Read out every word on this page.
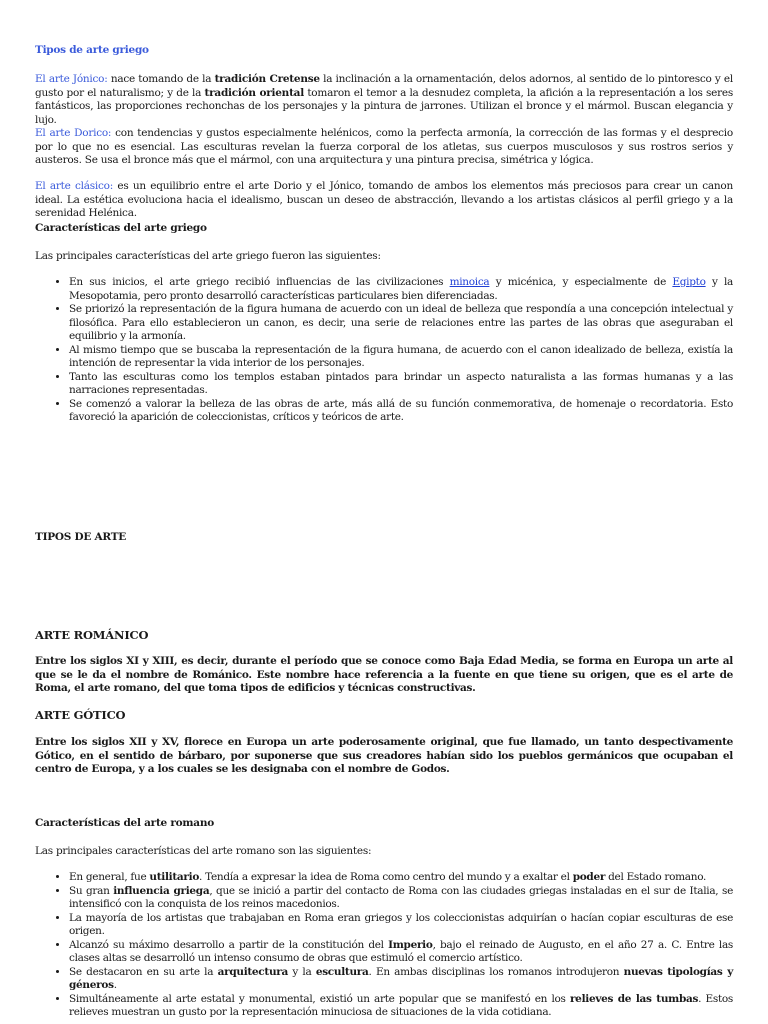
Tipos de arte griego

El arte Jónico: nace tomando de la tradición Cretense la inclinación a la ornamentación, delos adornos, al sentido de lo pintoresco y el gusto por el naturalismo; y de la tradición oriental tomaron el temor a la desnudez completa, la afición a la representación a los seres fantásticos, las proporciones rechonchas de los personajes y la pintura de jarrones. Utilizan el bronce y el mármol. Buscan elegancia y lujo.

El arte Dorico: con tendencias y gustos especialmente helénicos, como la perfecta armonía, la corrección de las formas y el desprecio por lo que no es esencial. Las esculturas revelan la fuerza corporal de los atletas, sus cuerpos musculosos y sus rostros serios y austeros. Se usa el bronce más que el mármol, con una arquitectura y una pintura precisa, simétrica y lógica.

El arte clásico: es un equilibrio entre el arte Dorio y el Jónico, tomando de ambos los elementos más preciosos para crear un canon ideal. La estética evoluciona hacia el idealismo, buscan un deseo de abstracción, llevando a los artistas clásicos al perfil griego y a la serenidad Helénica.

Características del arte griego
Las principales características del arte griego fueron las siguientes:
• En sus inicios, el arte griego recibió influencias de las civilizaciones minoica y micénica, y especialmente de Egipto y la Mesopotamia, pero pronto desarrolló características particulares bien diferenciadas.
• Se priorizó la representación de la figura humana de acuerdo con un ideal de belleza que respondía a una concepción intelectual y filosófica. Para ello establecieron un canon, es decir, una serie de relaciones entre las partes de las obras que aseguraban el equilibrio y la armonía.
• Al mismo tiempo que se buscaba la representación de la figura humana, de acuerdo con el canon idealizado de belleza, existía la intención de representar la vida interior de los personajes.
• Tanto las esculturas como los templos estaban pintados para brindar un aspecto naturalista a las formas humanas y a las narraciones representadas.
• Se comenzó a valorar la belleza de las obras de arte, más allá de su función conmemorativa, de homenaje o recordatoria. Esto favoreció la aparición de coleccionistas, críticos y teóricos de arte.
TIPOS DE ARTE
ARTE ROMÁNICO

Entre los siglos XI y XIII, es decir, durante el período que se conoce como Baja Edad Media, se forma en Europa un arte al que se le da el nombre de Románico. Este nombre hace referencia a la fuente en que tiene su origen, que es el arte de Roma, el arte romano, del que toma tipos de edificios y técnicas constructivas.

ARTE GÓTICO

Entre los siglos XII y XV, florece en Europa un arte poderosamente original, que fue llamado, un tanto despectivamente Gótico, en el sentido de bárbaro, por suponerse que sus creadores habían sido los pueblos germánicos que ocupaban el centro de Europa, y a los cuales se les designaba con el nombre de Godos.

Características del arte romano
Las principales características del arte romano son las siguientes:
• En general, fue utilitario. Tendía a expresar la idea de Roma como centro del mundo y a exaltar el poder del Estado romano.
• Su gran influencia griega, que se inició a partir del contacto de Roma con las ciudades griegas instaladas en el sur de Italia, se intensificó con la conquista de los reinos macedonios.
• La mayoría de los artistas que trabajaban en Roma eran griegos y los coleccionistas adquirían o hacían copiar esculturas de ese origen.
• Alcanzó su máximo desarrollo a partir de la constitución del Imperio, bajo el reinado de Augusto, en el año 27 a. C. Entre las clases altas se desarrolló un intenso consumo de obras que estimuló el comercio artístico.
• Se destacaron en su arte la arquitectura y la escultura. En ambas disciplinas los romanos introdujeron nuevas tipologías y géneros.
• Simultáneamente al arte estatal y monumental, existió un arte popular que se manifestó en los relieves de las tumbas. Estos relieves muestran un gusto por la representación minuciosa de situaciones de la vida cotidiana.
